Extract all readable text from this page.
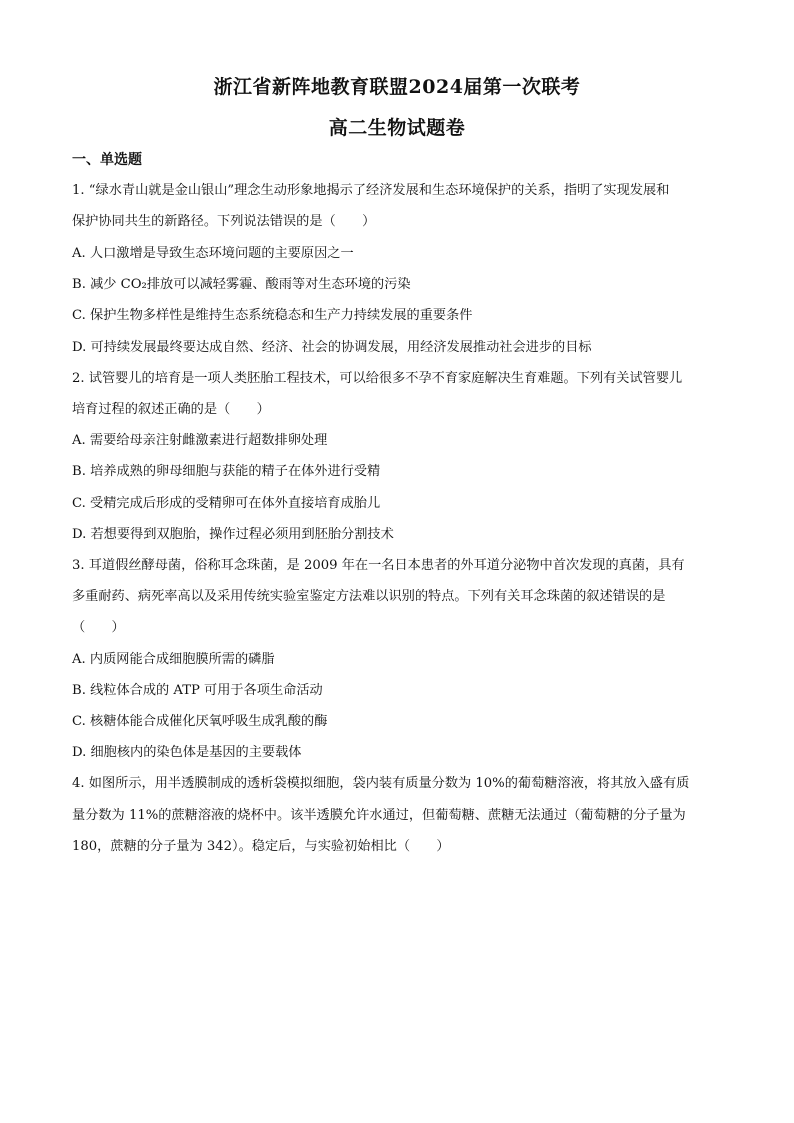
浙江省新阵地教育联盟2024届第一次联考
高二生物试题卷
一、单选题
1. “绿水青山就是金山银山”理念生动形象地揭示了经济发展和生态环境保护的关系，指明了实现发展和
保护协同共生的新路径。下列说法错误的是（　　）
A. 人口激增是导致生态环境问题的主要原因之一
B. 减少 CO₂排放可以减轻雾霾、酸雨等对生态环境的污染
C. 保护生物多样性是维持生态系统稳态和生产力持续发展的重要条件
D. 可持续发展最终要达成自然、经济、社会的协调发展，用经济发展推动社会进步的目标
2. 试管婴儿的培育是一项人类胚胎工程技术，可以给很多不孕不育家庭解决生育难题。下列有关试管婴儿
培育过程的叙述正确的是（　　）
A. 需要给母亲注射雌激素进行超数排卵处理
B. 培养成熟的卵母细胞与获能的精子在体外进行受精
C. 受精完成后形成的受精卵可在体外直接培育成胎儿
D. 若想要得到双胞胎，操作过程必须用到胚胎分割技术
3. 耳道假丝酵母菌，俗称耳念珠菌，是 2009 年在一名日本患者的外耳道分泌物中首次发现的真菌，具有
多重耐药、病死率高以及采用传统实验室鉴定方法难以识别的特点。下列有关耳念珠菌的叙述错误的是
（　　）
A. 内质网能合成细胞膜所需的磷脂
B. 线粒体合成的 ATP 可用于各项生命活动
C. 核糖体能合成催化厌氧呼吸生成乳酸的酶
D. 细胞核内的染色体是基因的主要载体
4. 如图所示，用半透膜制成的透析袋模拟细胞，袋内装有质量分数为 10%的葡萄糖溶液，将其放入盛有质
量分数为 11%的蔗糖溶液的烧杯中。该半透膜允许水通过，但葡萄糖、蔗糖无法通过（葡萄糖的分子量为
180，蔗糖的分子量为 342）。稳定后，与实验初始相比（　　）
